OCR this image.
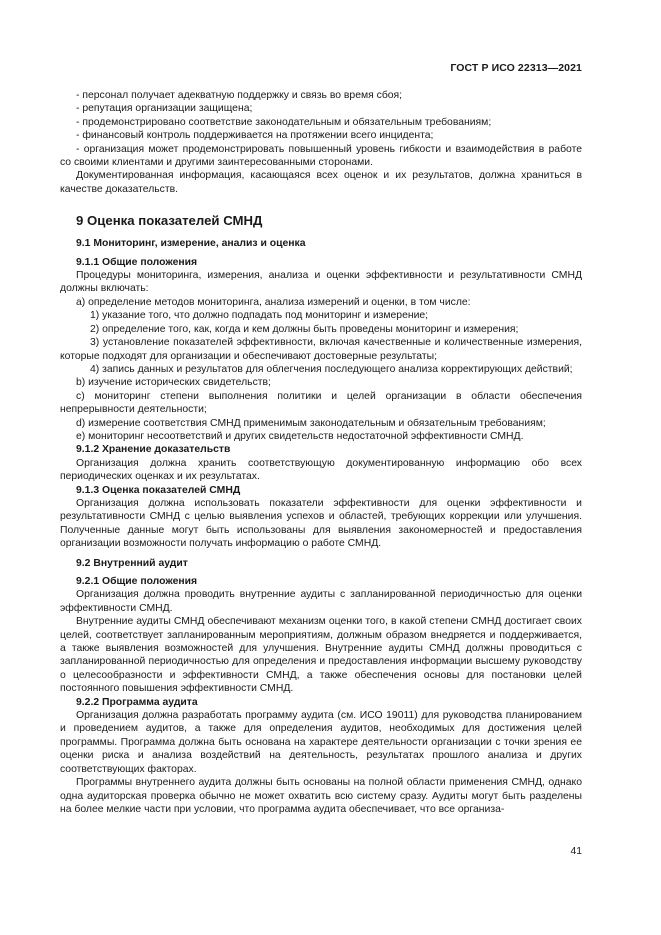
ГОСТ Р ИСО 22313—2021

- персонал получает адекватную поддержку и связь во время сбоя;

- репутация организации защищена;

- продемонстрировано соответствие законодательным и обязательным требованиям;

- финансовый контроль поддерживается на протяжении всего инцидента;

- организация может продемонстрировать повышенный уровень гибкости и взаимодействия в работе со своими клиентами и другими заинтересованными сторонами.

Документированная информация, касающаяся всех оценок и их результатов, должна храниться в качестве доказательств.

9 Оценка показателей СМНД
9.1 Мониторинг, измерение, анализ и оценка
9.1.1 Общие положения

Процедуры мониторинга, измерения, анализа и оценки эффективности и результативности СМНД должны включать:

a) определение методов мониторинга, анализа измерений и оценки, в том числе:

1) указание того, что должно подпадать под мониторинг и измерение;

2) определение того, как, когда и кем должны быть проведены мониторинг и измерения;

3) установление показателей эффективности, включая качественные и количественные измерения, которые подходят для организации и обеспечивают достоверные результаты;

4) запись данных и результатов для облегчения последующего анализа корректирующих действий;

b) изучение исторических свидетельств;

c) мониторинг степени выполнения политики и целей организации в области обеспечения непрерывности деятельности;

d) измерение соответствия СМНД применимым законодательным и обязательным требованиям;

e) мониторинг несоответствий и других свидетельств недостаточной эффективности СМНД.

9.1.2 Хранение доказательств

Организация должна хранить соответствующую документированную информацию обо всех периодических оценках и их результатах.

9.1.3 Оценка показателей СМНД

Организация должна использовать показатели эффективности для оценки эффективности и результативности СМНД с целью выявления успехов и областей, требующих коррекции или улучшения. Полученные данные могут быть использованы для выявления закономерностей и предоставления организации возможности получать информацию о работе СМНД.

9.2 Внутренний аудит
9.2.1 Общие положения

Организация должна проводить внутренние аудиты с запланированной периодичностью для оценки эффективности СМНД.

Внутренние аудиты СМНД обеспечивают механизм оценки того, в какой степени СМНД достигает своих целей, соответствует запланированным мероприятиям, должным образом внедряется и поддерживается, а также выявления возможностей для улучшения. Внутренние аудиты СМНД должны проводиться с запланированной периодичностью для определения и предоставления информации высшему руководству о целесообразности и эффективности СМНД, а также обеспечения основы для постановки целей постоянного повышения эффективности СМНД.

9.2.2 Программа аудита

Организация должна разработать программу аудита (см. ИСО 19011) для руководства планированием и проведением аудитов, а также для определения аудитов, необходимых для достижения целей программы. Программа должна быть основана на характере деятельности организации с точки зрения ее оценки риска и анализа воздействий на деятельность, результатах прошлого анализа и других соответствующих факторах.

Программы внутреннего аудита должны быть основаны на полной области применения СМНД, однако одна аудиторская проверка обычно не может охватить всю систему сразу. Аудиты могут быть разделены на более мелкие части при условии, что программа аудита обеспечивает, что все организа-

41
